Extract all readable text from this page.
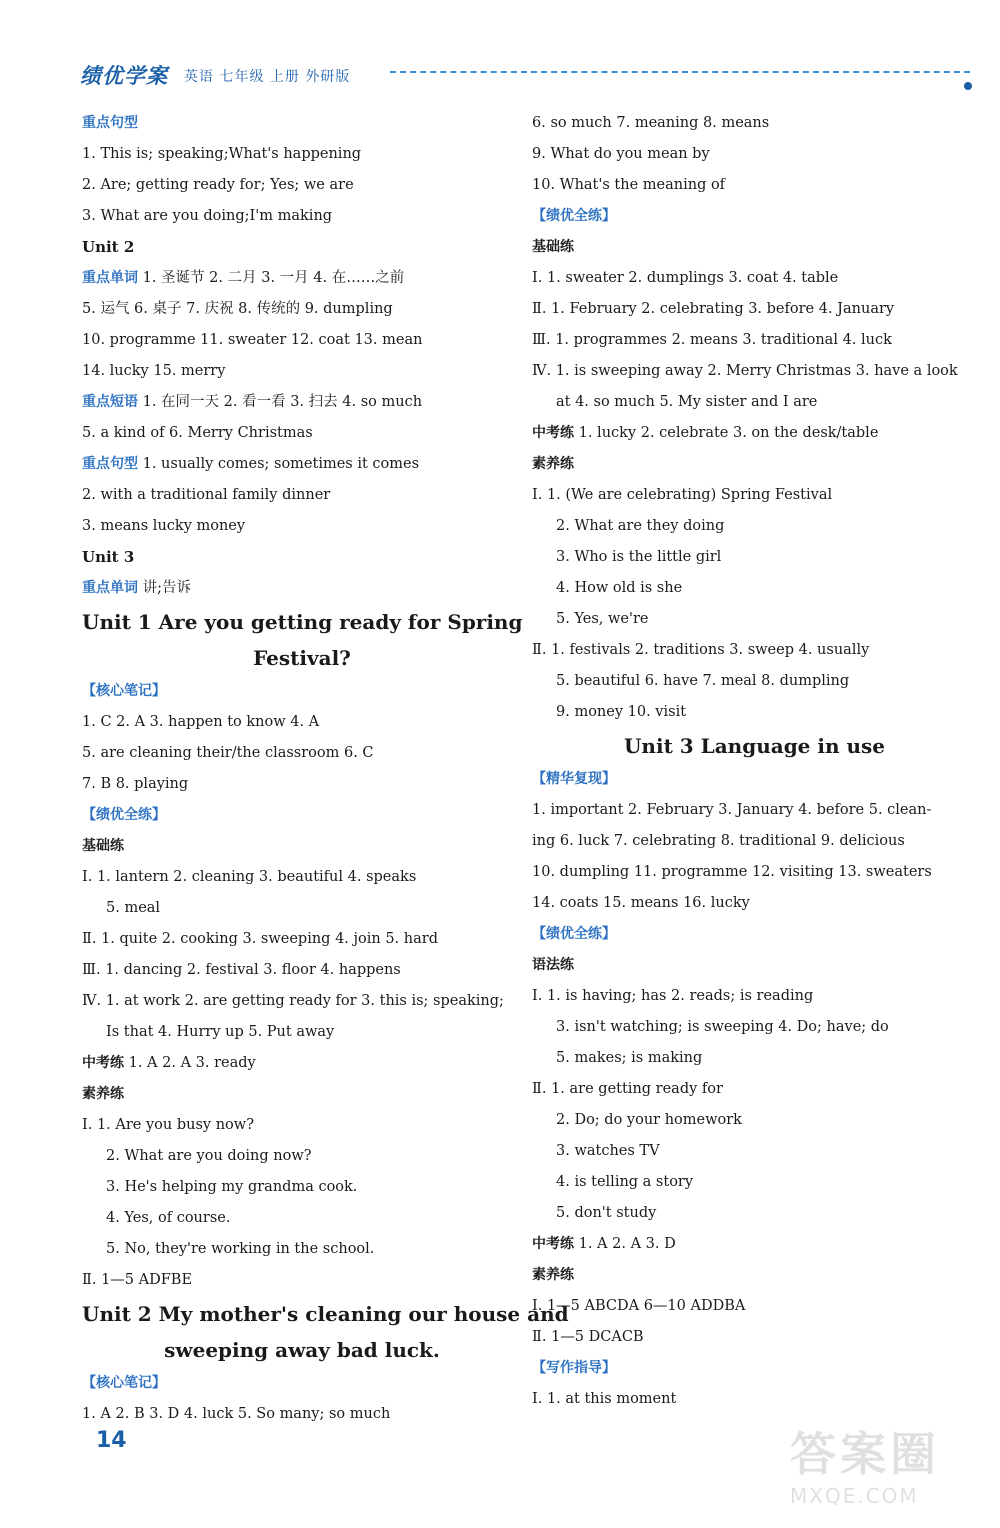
绩优学案 英语 七年级 上册 外研版
重点句型
1. This is; speaking;What's happening
2. Are; getting ready for; Yes; we are
3. What are you doing;I'm making
Unit 2
重点单词 1. 圣诞节 2. 二月 3. 一月 4. 在……之前
5. 运气 6. 桌子 7. 庆祝 8. 传统的 9. dumpling
10. programme 11. sweater 12. coat 13. mean
14. lucky 15. merry
重点短语 1. 在同一天 2. 看一看 3. 扫去 4. so much
5. a kind of 6. Merry Christmas
重点句型 1. usually comes; sometimes it comes
2. with a traditional family dinner
3. means lucky money
Unit 3
重点单词 讲;告诉
Unit 1 Are you getting ready for Spring
Festival?
【核心笔记】
1. C 2. A 3. happen to know 4. A
5. are cleaning their/the classroom 6. C
7. B 8. playing
【绩优全练】
基础练
Ⅰ. 1. lantern 2. cleaning 3. beautiful 4. speaks
5. meal
Ⅱ. 1. quite 2. cooking 3. sweeping 4. join 5. hard
Ⅲ. 1. dancing 2. festival 3. floor 4. happens
Ⅳ. 1. at work 2. are getting ready for 3. this is; speaking;
Is that 4. Hurry up 5. Put away
中考练 1. A 2. A 3. ready
素养练
Ⅰ. 1. Are you busy now?
2. What are you doing now?
3. He's helping my grandma cook.
4. Yes, of course.
5. No, they're working in the school.
Ⅱ. 1—5 ADFBE
Unit 2 My mother's cleaning our house and
sweeping away bad luck.
【核心笔记】
1. A 2. B 3. D 4. luck 5. So many; so much
6. so much 7. meaning 8. means
9. What do you mean by
10. What's the meaning of
【绩优全练】
基础练
Ⅰ. 1. sweater 2. dumplings 3. coat 4. table
Ⅱ. 1. February 2. celebrating 3. before 4. January
Ⅲ. 1. programmes 2. means 3. traditional 4. luck
Ⅳ. 1. is sweeping away 2. Merry Christmas 3. have a look
at 4. so much 5. My sister and I are
中考练 1. lucky 2. celebrate 3. on the desk/table
素养练
Ⅰ. 1. (We are celebrating) Spring Festival
2. What are they doing
3. Who is the little girl
4. How old is she
5. Yes, we're
Ⅱ. 1. festivals 2. traditions 3. sweep 4. usually
5. beautiful 6. have 7. meal 8. dumpling
9. money 10. visit
Unit 3 Language in use
【精华复现】
1. important 2. February 3. January 4. before 5. clean-
ing 6. luck 7. celebrating 8. traditional 9. delicious
10. dumpling 11. programme 12. visiting 13. sweaters
14. coats 15. means 16. lucky
【绩优全练】
语法练
Ⅰ. 1. is having; has 2. reads; is reading
3. isn't watching; is sweeping 4. Do; have; do
5. makes; is making
Ⅱ. 1. are getting ready for
2. Do; do your homework
3. watches TV
4. is telling a story
5. don't study
中考练 1. A 2. A 3. D
素养练
Ⅰ. 1—5 ABCDA 6—10 ADDBA
Ⅱ. 1—5 DCACB
【写作指导】
Ⅰ. 1. at this moment
14	答案圈
MXQE.COM
